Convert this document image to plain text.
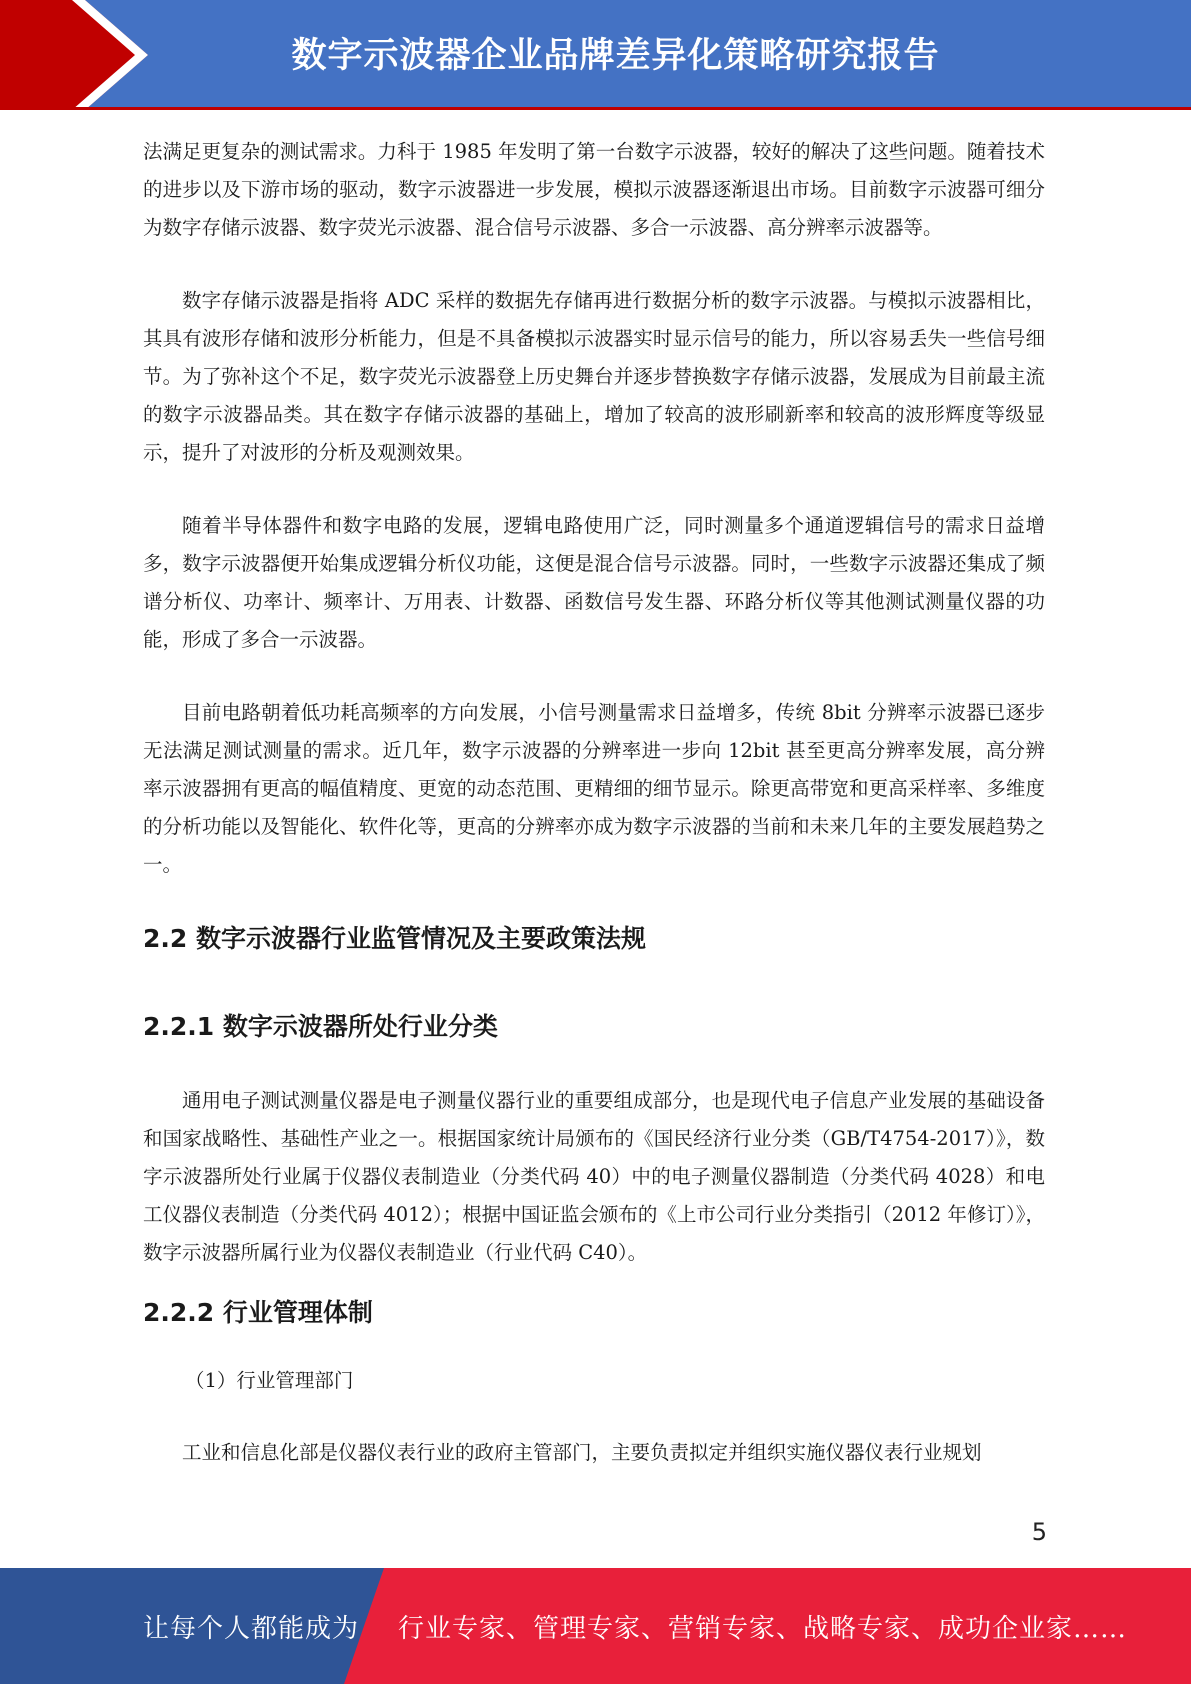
数字示波器企业品牌差异化策略研究报告

法满足更复杂的测试需求。力科于 1985 年发明了第一台数字示波器，较好的解决了这些问题。随着技术的进步以及下游市场的驱动，数字示波器进一步发展，模拟示波器逐渐退出市场。目前数字示波器可细分为数字存储示波器、数字荧光示波器、混合信号示波器、多合一示波器、高分辨率示波器等。

数字存储示波器是指将 ADC 采样的数据先存储再进行数据分析的数字示波器。与模拟示波器相比，其具有波形存储和波形分析能力，但是不具备模拟示波器实时显示信号的能力，所以容易丢失一些信号细节。为了弥补这个不足，数字荧光示波器登上历史舞台并逐步替换数字存储示波器，发展成为目前最主流的数字示波器品类。其在数字存储示波器的基础上，增加了较高的波形刷新率和较高的波形辉度等级显示，提升了对波形的分析及观测效果。

随着半导体器件和数字电路的发展，逻辑电路使用广泛，同时测量多个通道逻辑信号的需求日益增多，数字示波器便开始集成逻辑分析仪功能，这便是混合信号示波器。同时，一些数字示波器还集成了频谱分析仪、功率计、频率计、万用表、计数器、函数信号发生器、环路分析仪等其他测试测量仪器的功能，形成了多合一示波器。

目前电路朝着低功耗高频率的方向发展，小信号测量需求日益增多，传统 8bit 分辨率示波器已逐步无法满足测试测量的需求。近几年，数字示波器的分辨率进一步向 12bit 甚至更高分辨率发展，高分辨率示波器拥有更高的幅值精度、更宽的动态范围、更精细的细节显示。除更高带宽和更高采样率、多维度的分析功能以及智能化、软件化等，更高的分辨率亦成为数字示波器的当前和未来几年的主要发展趋势之一。

2.2 数字示波器行业监管情况及主要政策法规
2.2.1 数字示波器所处行业分类

通用电子测试测量仪器是电子测量仪器行业的重要组成部分，也是现代电子信息产业发展的基础设备和国家战略性、基础性产业之一。根据国家统计局颁布的《国民经济行业分类（GB/T4754-2017）》，数字示波器所处行业属于仪器仪表制造业（分类代码 40）中的电子测量仪器制造（分类代码 4028）和电工仪器仪表制造（分类代码 4012）；根据中国证监会颁布的《上市公司行业分类指引（2012 年修订）》，数字示波器所属行业为仪器仪表制造业（行业代码 C40）。

2.2.2 行业管理体制

（1）行业管理部门

工业和信息化部是仪器仪表行业的政府主管部门，主要负责拟定并组织实施仪器仪表行业规划

5
让每个人都能成为 行业专家、管理专家、营销专家、战略专家、成功企业家……
